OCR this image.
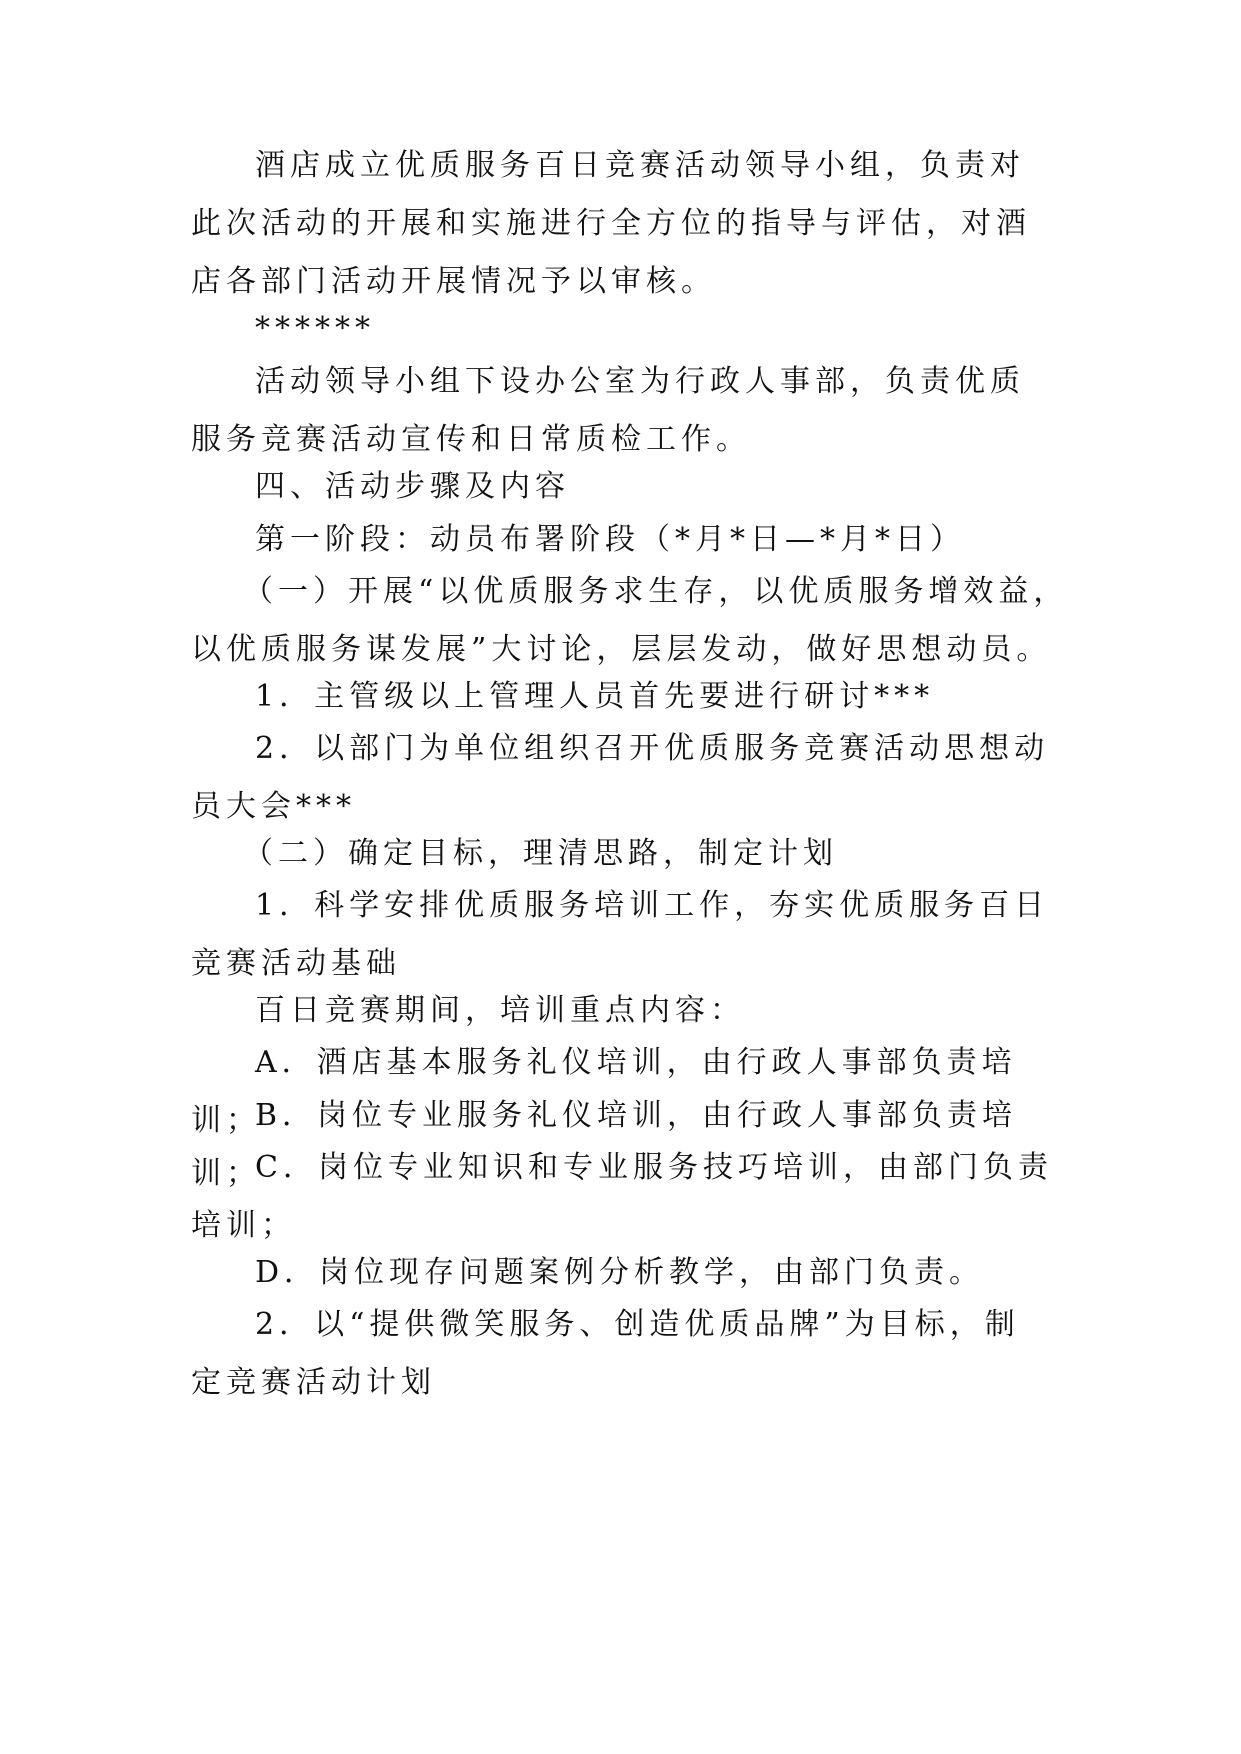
酒店成立优质服务百日竞赛活动领导小组，负责对此次活动的开展和实施进行全方位的指导与评估，对酒店各部门活动开展情况予以审核。

******

活动领导小组下设办公室为行政人事部，负责优质服务竞赛活动宣传和日常质检工作。

四、活动步骤及内容

第一阶段：动员布署阶段（*月*日—*月*日）

（一）开展“以优质服务求生存，以优质服务增效益，以优质服务谋发展”大讨论，层层发动，做好思想动员。

1．主管级以上管理人员首先要进行研讨***

2．以部门为单位组织召开优质服务竞赛活动思想动员大会***

（二）确定目标，理清思路，制定计划

1．科学安排优质服务培训工作，夯实优质服务百日竞赛活动基础

百日竞赛期间，培训重点内容：

A．酒店基本服务礼仪培训，由行政人事部负责培训；

B．岗位专业服务礼仪培训，由行政人事部负责培训；

C．岗位专业知识和专业服务技巧培训，由部门负责培训；

D．岗位现存问题案例分析教学，由部门负责。

2．以“提供微笑服务、创造优质品牌”为目标，制定竞赛活动计划
